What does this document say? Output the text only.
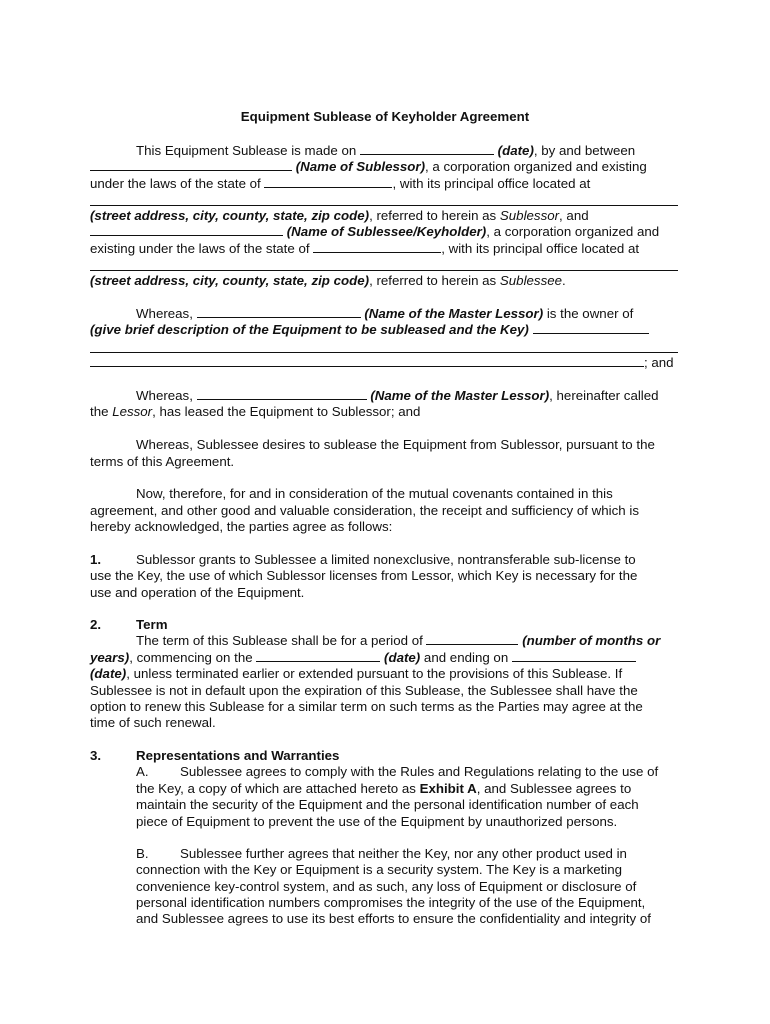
Equipment Sublease of Keyholder Agreement
This Equipment Sublease is made on	(date), by and between
(Name of Sublessor), a corporation organized and existing
under the laws of the state of	, with its principal office located at
(street address, city, county, state, zip code), referred to herein as Sublessor, and
(Name of Sublessee/Keyholder), a corporation organized and
existing under the laws of the state of	, with its principal office located at
(street address, city, county, state, zip code), referred to herein as Sublessee.
Whereas,	(Name of the Master Lessor) is the owner of
(give brief description of the Equipment to be subleased and the Key)
; and
Whereas,	(Name of the Master Lessor), hereinafter called
the Lessor, has leased the Equipment to Sublessor; and
Whereas, Sublessee desires to sublease the Equipment from Sublessor, pursuant to the
terms of this Agreement.
Now, therefore, for and in consideration of the mutual covenants contained in this
agreement, and other good and valuable consideration, the receipt and sufficiency of which is
hereby acknowledged, the parties agree as follows:
1.	Sublessor grants to Sublessee a limited nonexclusive, nontransferable sub-license to
use the Key, the use of which Sublessor licenses from Lessor, which Key is necessary for the
use and operation of the Equipment.
2.	Term
The term of this Sublease shall be for a period of	(number of months or
years), commencing on the	(date) and ending on
(date), unless terminated earlier or extended pursuant to the provisions of this Sublease. If
Sublessee is not in default upon the expiration of this Sublease, the Sublessee shall have the
option to renew this Sublease for a similar term on such terms as the Parties may agree at the
time of such renewal.
3.	Representations and Warranties
A. Sublessee agrees to comply with the Rules and Regulations relating to the use of
the Key, a copy of which are attached hereto as Exhibit A, and Sublessee agrees to
maintain the security of the Equipment and the personal identification number of each
piece of Equipment to prevent the use of the Equipment by unauthorized persons.
B. Sublessee further agrees that neither the Key, nor any other product used in
connection with the Key or Equipment is a security system. The Key is a marketing
convenience key-control system, and as such, any loss of Equipment or disclosure of
personal identification numbers compromises the integrity of the use of the Equipment,
and Sublessee agrees to use its best efforts to ensure the confidentiality and integrity of
